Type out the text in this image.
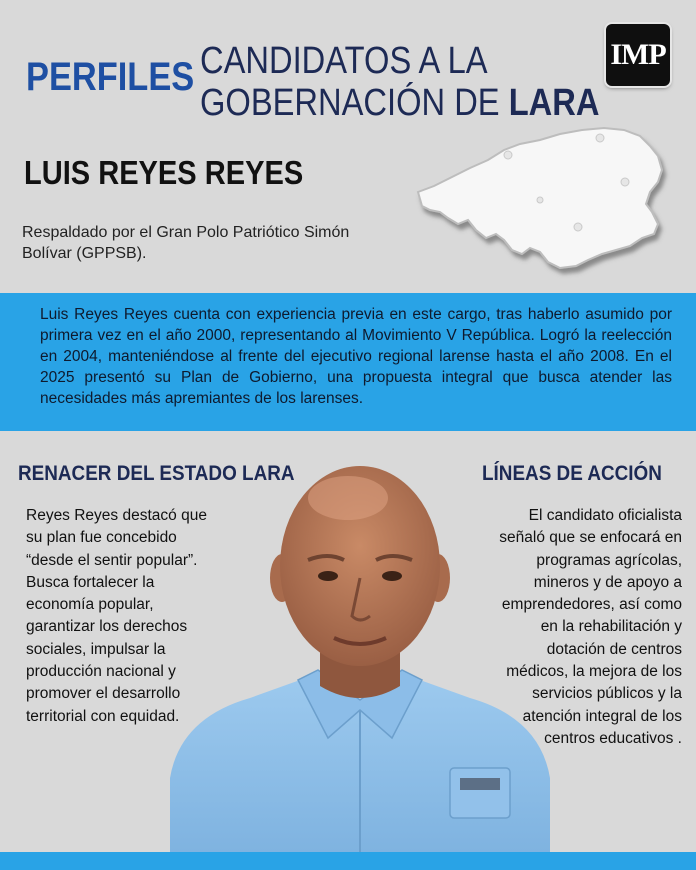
PERFILES CANDIDATOS A LA
GOBERNACIÓN DE LARA
IMP
LUIS REYES REYES
Respaldado por el Gran Polo Patriótico Simón Bolívar (GPPSB).
Luis Reyes Reyes cuenta con experiencia previa en este cargo, tras haberlo asumido por primera vez en el año 2000, representando al Movimiento V República. Logró la reelección en 2004, manteniéndose al frente del ejecutivo regional larense hasta el año 2008. En el 2025 presentó su Plan de Gobierno, una propuesta integral que busca atender las necesidades más apremiantes de los larenses.
RENACER DEL ESTADO LARA	LÍNEAS DE ACCIÓN
Reyes Reyes destacó que su plan fue concebido “desde el sentir popular”. Busca fortalecer la economía popular, garantizar los derechos sociales, impulsar la producción nacional y promover el desarrollo territorial con equidad.
El candidato oficialista señaló que se enfocará en programas agrícolas, mineros y de apoyo a emprendedores, así como en la rehabilitación y dotación de centros médicos, la mejora de los servicios públicos y la atención integral de los centros educativos .
